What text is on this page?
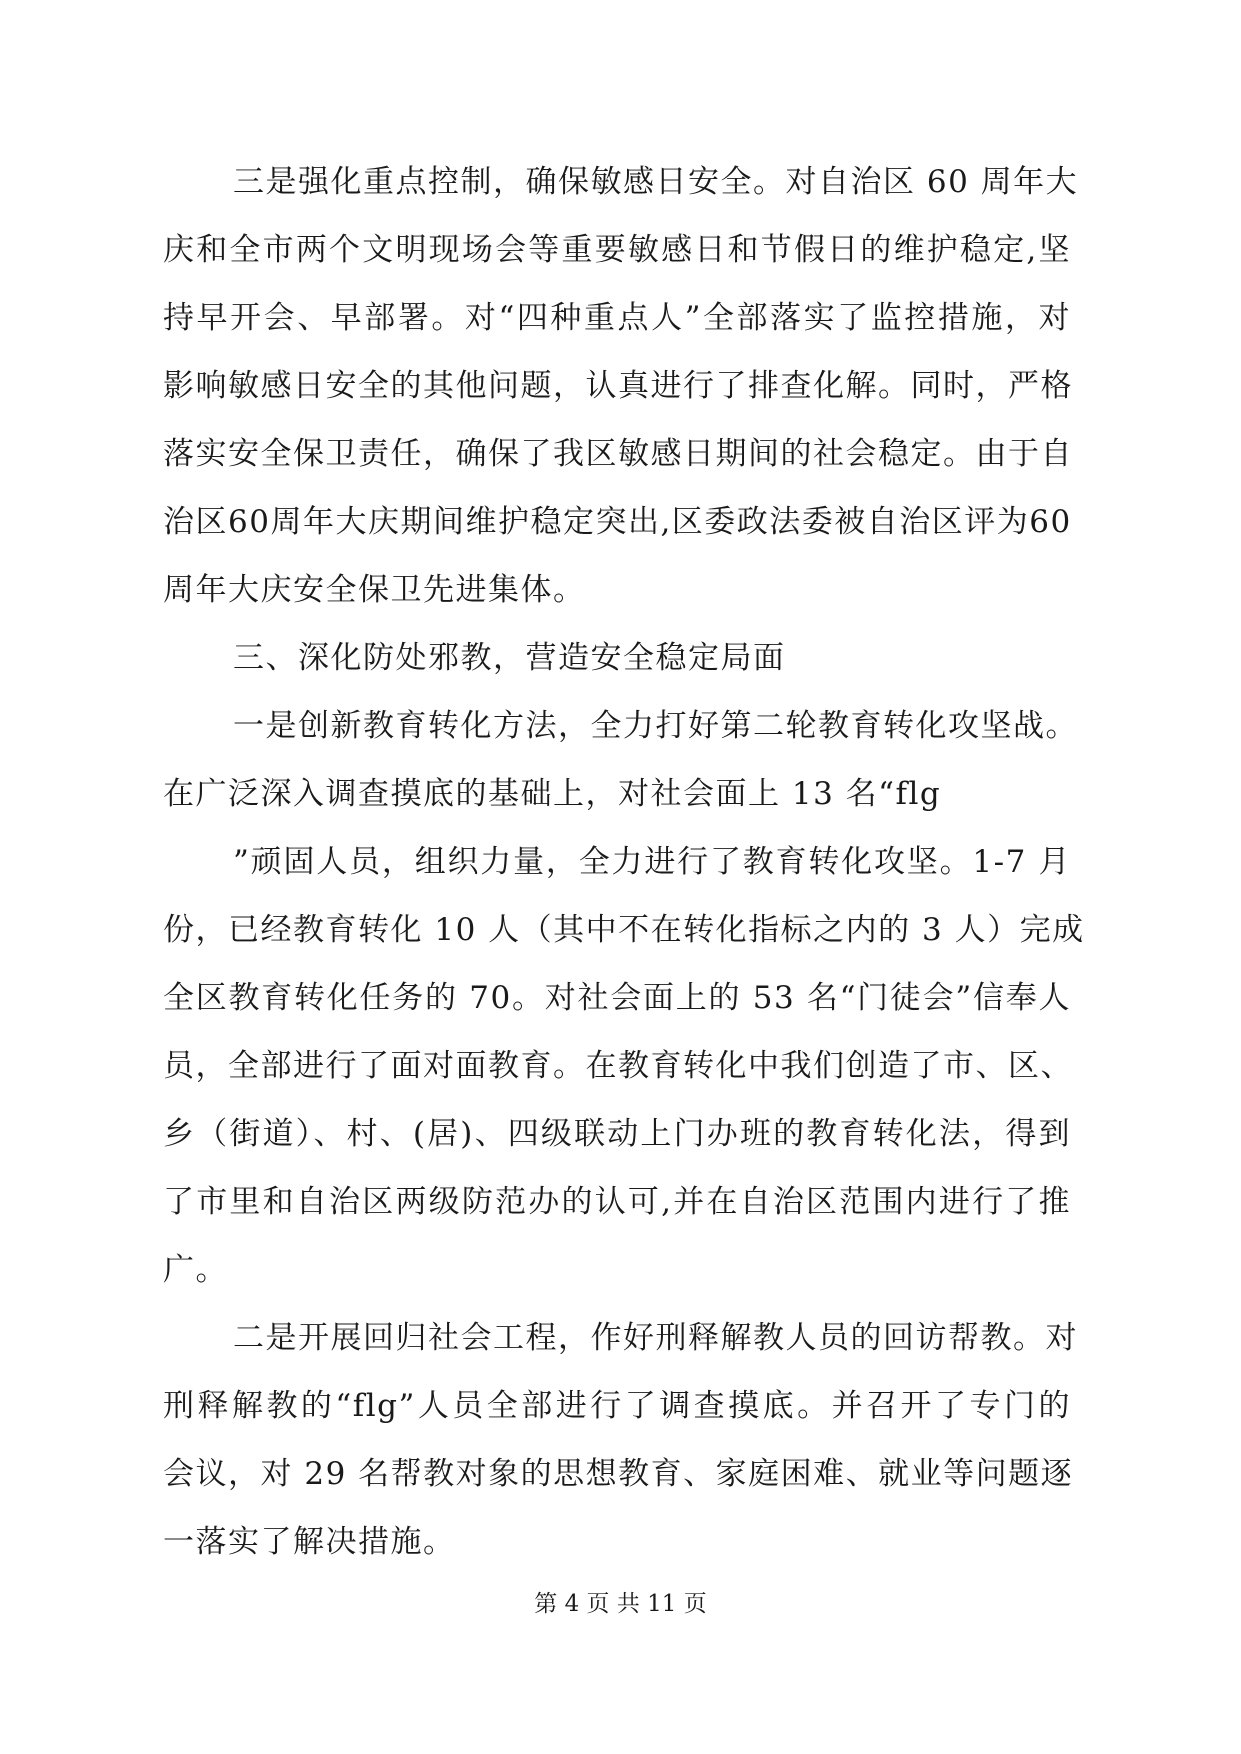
三是强化重点控制，确保敏感日安全。对自治区 60 周年大
庆和全市两个文明现场会等重要敏感日和节假日的维护稳定,坚
持早开会、早部署。对“四种重点人”全部落实了监控措施，对
影响敏感日安全的其他问题，认真进行了排查化解。同时，严格
落实安全保卫责任，确保了我区敏感日期间的社会稳定。由于自
治区60周年大庆期间维护稳定突出,区委政法委被自治区评为60
周年大庆安全保卫先进集体。
三、深化防处邪教，营造安全稳定局面
一是创新教育转化方法，全力打好第二轮教育转化攻坚战。
在广泛深入调查摸底的基础上，对社会面上 13 名“flg
”顽固人员，组织力量，全力进行了教育转化攻坚。1-7 月
份，已经教育转化 10 人（其中不在转化指标之内的 3 人）完成
全区教育转化任务的 70。对社会面上的 53 名“门徒会”信奉人
员，全部进行了面对面教育。在教育转化中我们创造了市、区、
乡（街道）、村、(居)、四级联动上门办班的教育转化法，得到
了市里和自治区两级防范办的认可,并在自治区范围内进行了推
广。
二是开展回归社会工程，作好刑释解教人员的回访帮教。对
刑释解教的“flg”人员全部进行了调查摸底。并召开了专门的
会议，对 29 名帮教对象的思想教育、家庭困难、就业等问题逐
第 4 页 共 11 页
一落实了解决措施。
